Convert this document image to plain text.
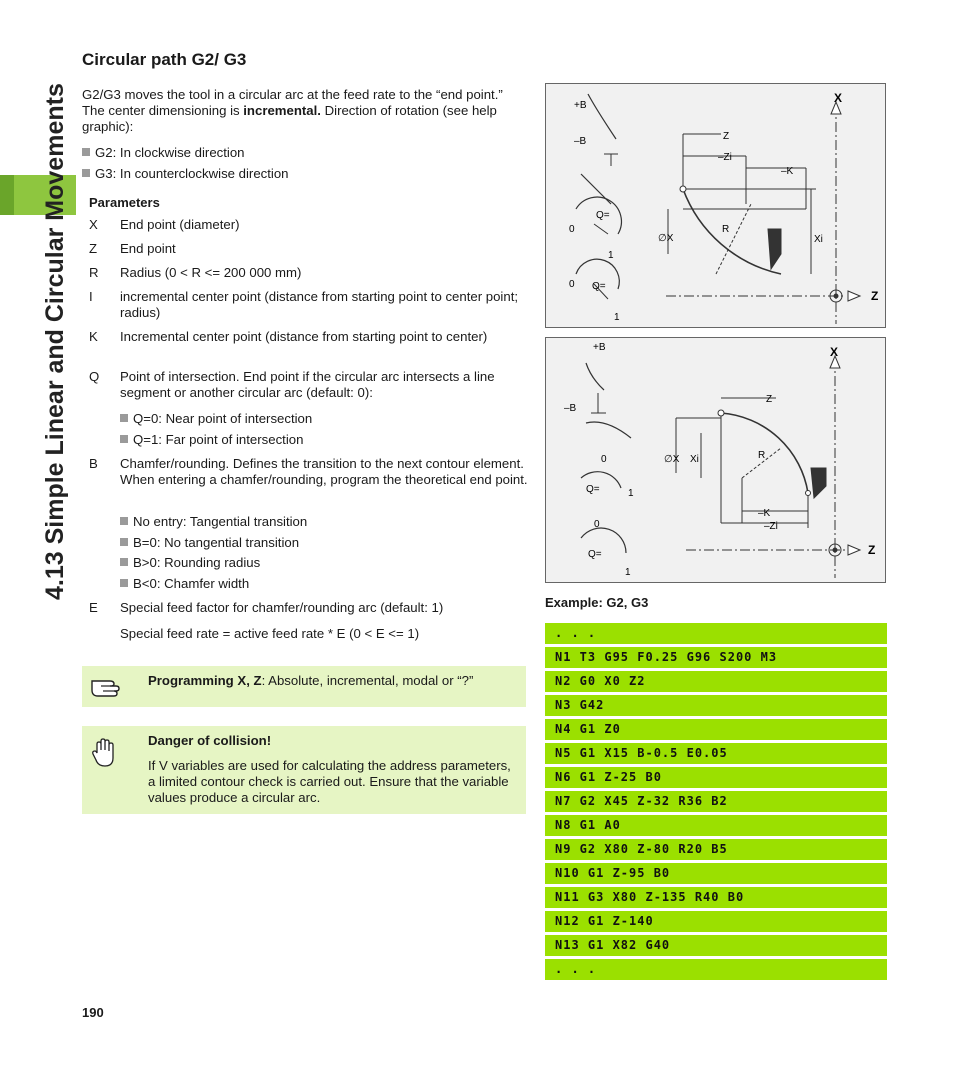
4.13 Simple Linear and Circular Movements
Circular path G2/ G3
G2/G3 moves the tool in a circular arc at the feed rate to the “end point.” The center dimensioning is incremental. Direction of rotation (see help graphic):
G2: In clockwise direction
G3: In counterclockwise direction
Parameters
X End point (diameter)
Z End point
R Radius (0 < R <= 200 000 mm)
I incremental center point (distance from starting point to center point; radius)
K Incremental center point (distance from starting point to center)
Q Point of intersection. End point if the circular arc intersects a line segment or another circular arc (default: 0):
Q=0: Near point of intersection
Q=1: Far point of intersection
B Chamfer/rounding. Defines the transition to the next contour element. When entering a chamfer/rounding, program the theoretical end point.
No entry: Tangential transition
B=0: No tangential transition
B>0: Rounding radius
B<0: Chamfer width
E Special feed factor for chamfer/rounding arc (default: 1)
Special feed rate = active feed rate * E (0 < E <= 1)
Programming X, Z: Absolute, incremental, modal or “?”
Danger of collision!
If V variables are used for calculating the address parameters, a limited contour check is carried out. Ensure that the variable values produce a circular arc.
X
Z
+B
–B
Q=
0
1
Q=
0
1
Z
–Zi
–K
R
Xi
∅X
X
Z
+B
–B
0
Q=	1
0
Q=
1
Z
–K
–Zi
R
Xi
∅X
Example: G2, G3
. . .
N1 T3 G95 F0.25 G96 S200 M3
N2 G0 X0 Z2
N3 G42
N4 G1 Z0
N5 G1 X15 B-0.5 E0.05
N6 G1 Z-25 B0
N7 G2 X45 Z-32 R36 B2
N8 G1 A0
N9 G2 X80 Z-80 R20 B5
N10 G1 Z-95 B0
N11 G3 X80 Z-135 R40 B0
N12 G1 Z-140
N13 G1 X82 G40
. . .
190
